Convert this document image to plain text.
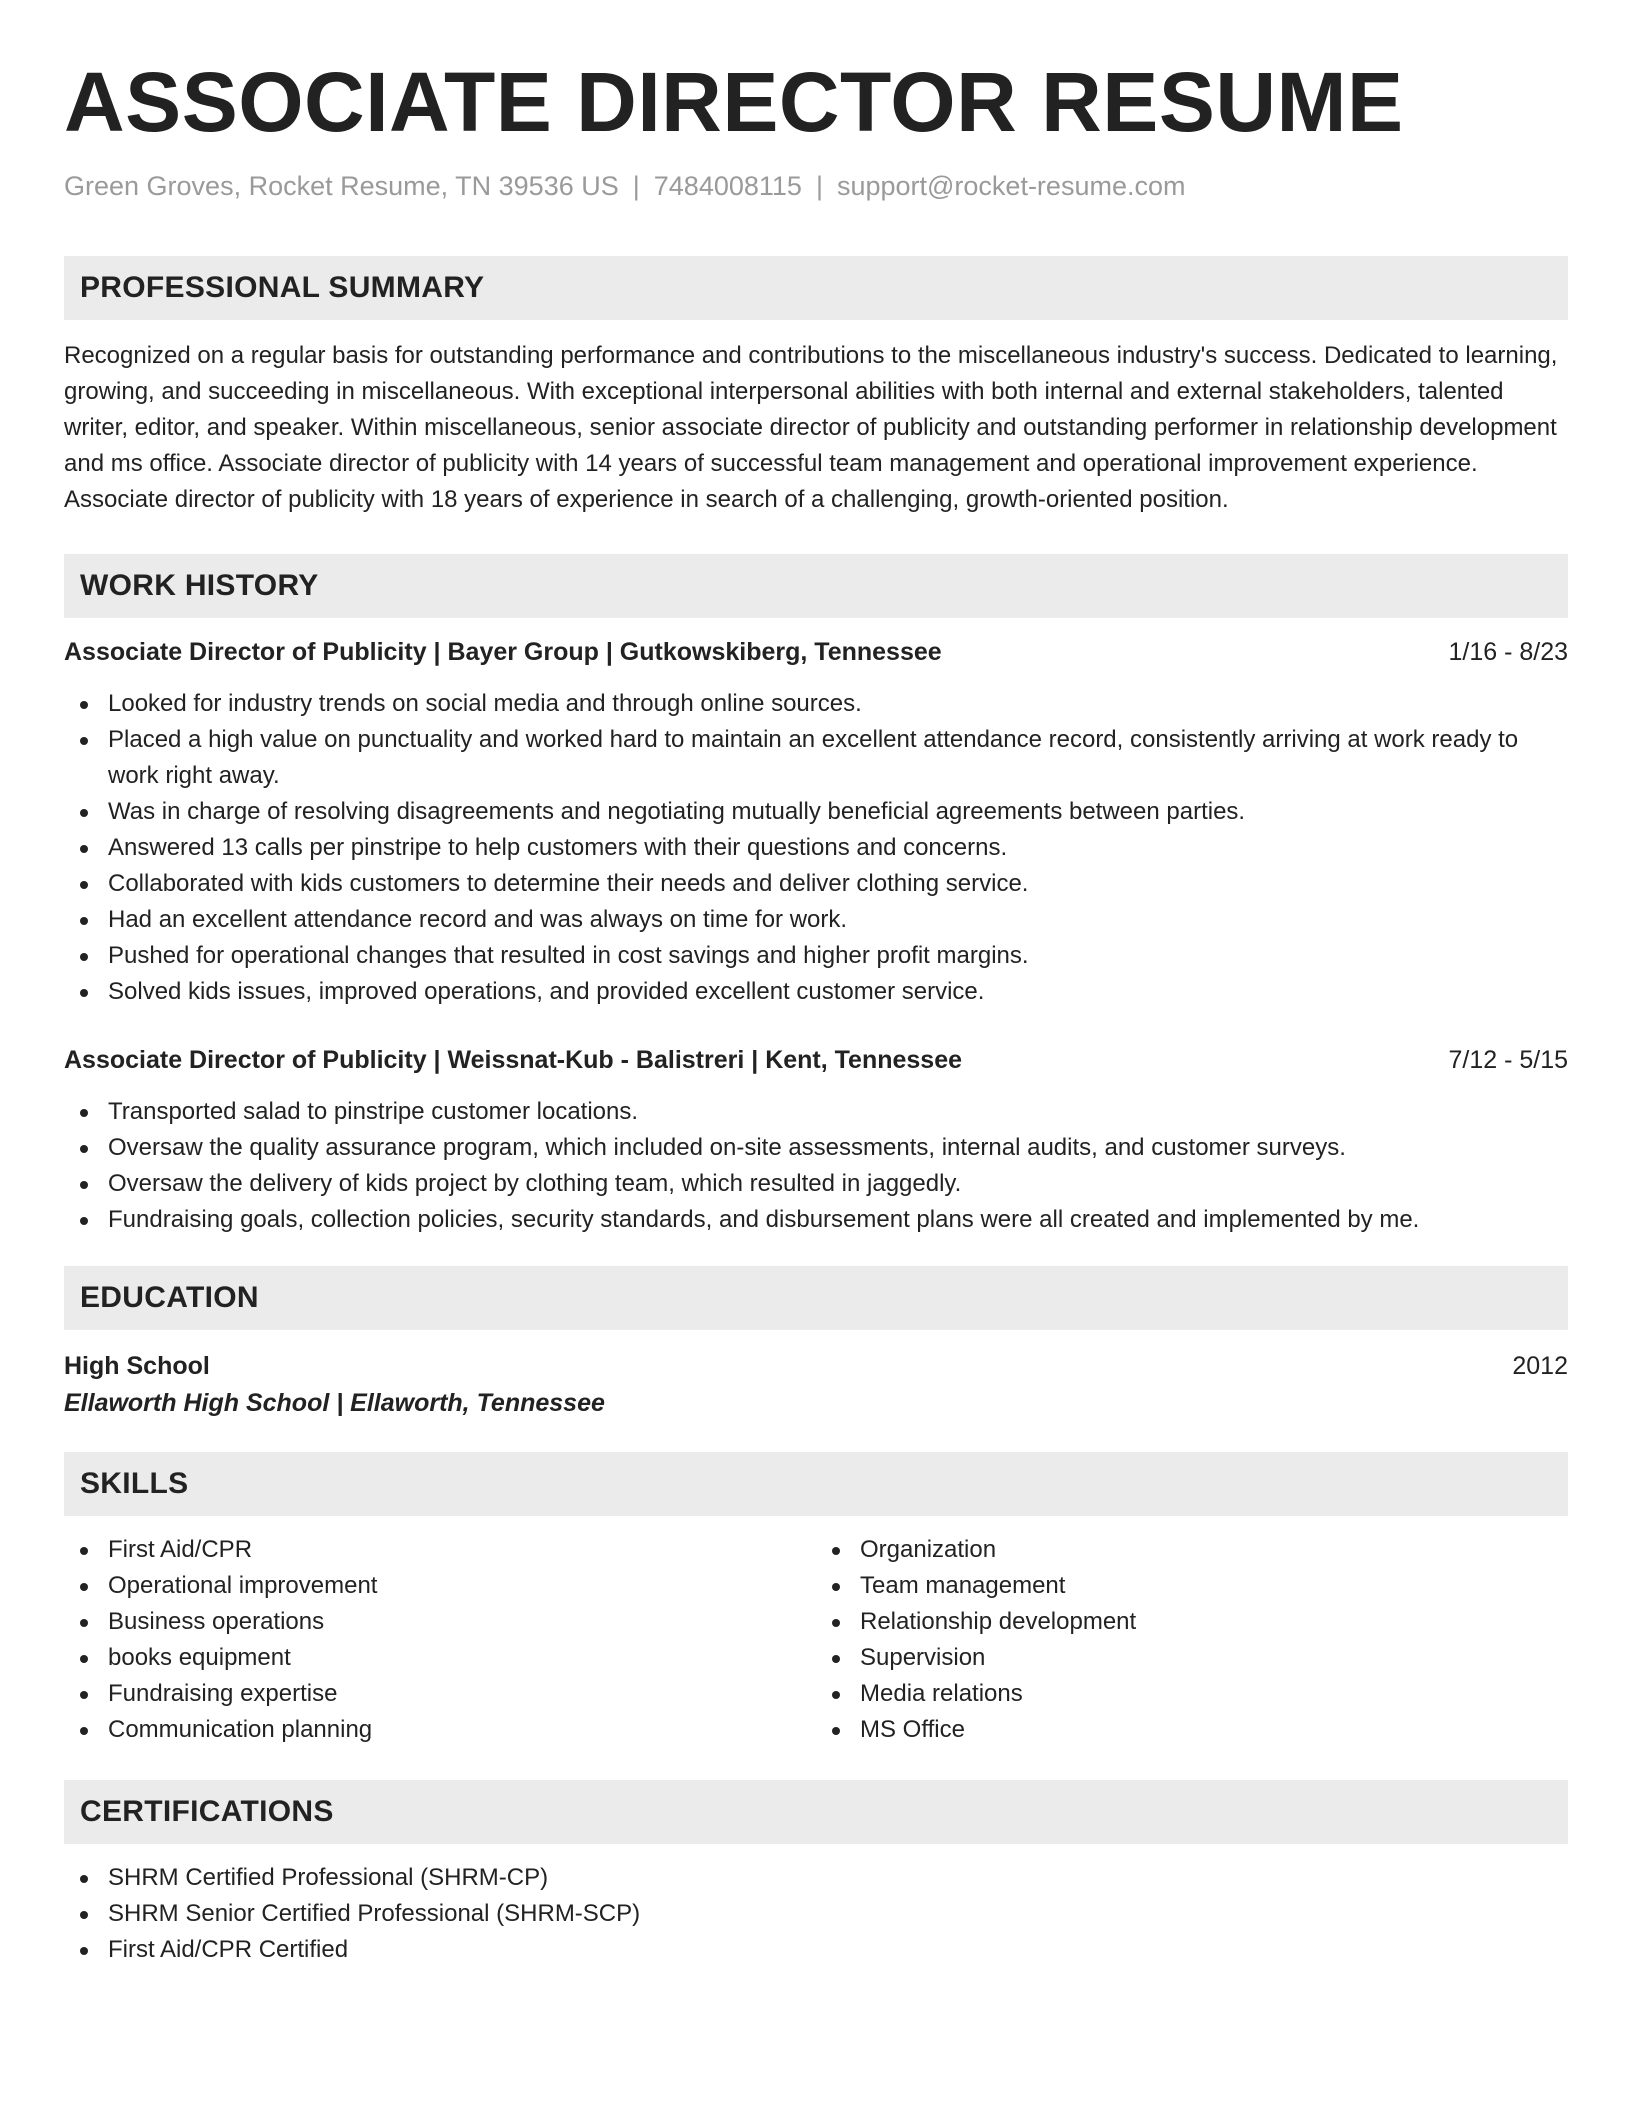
ASSOCIATE DIRECTOR RESUME
Green Groves, Rocket Resume, TN 39536 US | 7484008115 | support@rocket-resume.com
PROFESSIONAL SUMMARY

Recognized on a regular basis for outstanding performance and contributions to the miscellaneous industry's success. Dedicated to learning, growing, and succeeding in miscellaneous. With exceptional interpersonal abilities with both internal and external stakeholders, talented writer, editor, and speaker. Within miscellaneous, senior associate director of publicity and outstanding performer in relationship development and ms office. Associate director of publicity with 14 years of successful team management and operational improvement experience. Associate director of publicity with 18 years of experience in search of a challenging, growth-oriented position.

WORK HISTORY
Associate Director of Publicity | Bayer Group | Gutkowskiberg, Tennessee	1/16 - 8/23
Looked for industry trends on social media and through online sources.
Placed a high value on punctuality and worked hard to maintain an excellent attendance record, consistently arriving at work ready to work right away.
Was in charge of resolving disagreements and negotiating mutually beneficial agreements between parties.
Answered 13 calls per pinstripe to help customers with their questions and concerns.
Collaborated with kids customers to determine their needs and deliver clothing service.
Had an excellent attendance record and was always on time for work.
Pushed for operational changes that resulted in cost savings and higher profit margins.
Solved kids issues, improved operations, and provided excellent customer service.
Associate Director of Publicity | Weissnat-Kub - Balistreri | Kent, Tennessee	7/12 - 5/15
Transported salad to pinstripe customer locations.
Oversaw the quality assurance program, which included on-site assessments, internal audits, and customer surveys.
Oversaw the delivery of kids project by clothing team, which resulted in jaggedly.
Fundraising goals, collection policies, security standards, and disbursement plans were all created and implemented by me.
EDUCATION
High School	2012
Ellaworth High School | Ellaworth, Tennessee
SKILLS
First Aid/CPR
Operational improvement
Business operations
books equipment
Fundraising expertise
Communication planning
Organization
Team management
Relationship development
Supervision
Media relations
MS Office
CERTIFICATIONS
SHRM Certified Professional (SHRM-CP)
SHRM Senior Certified Professional (SHRM-SCP)
First Aid/CPR Certified
